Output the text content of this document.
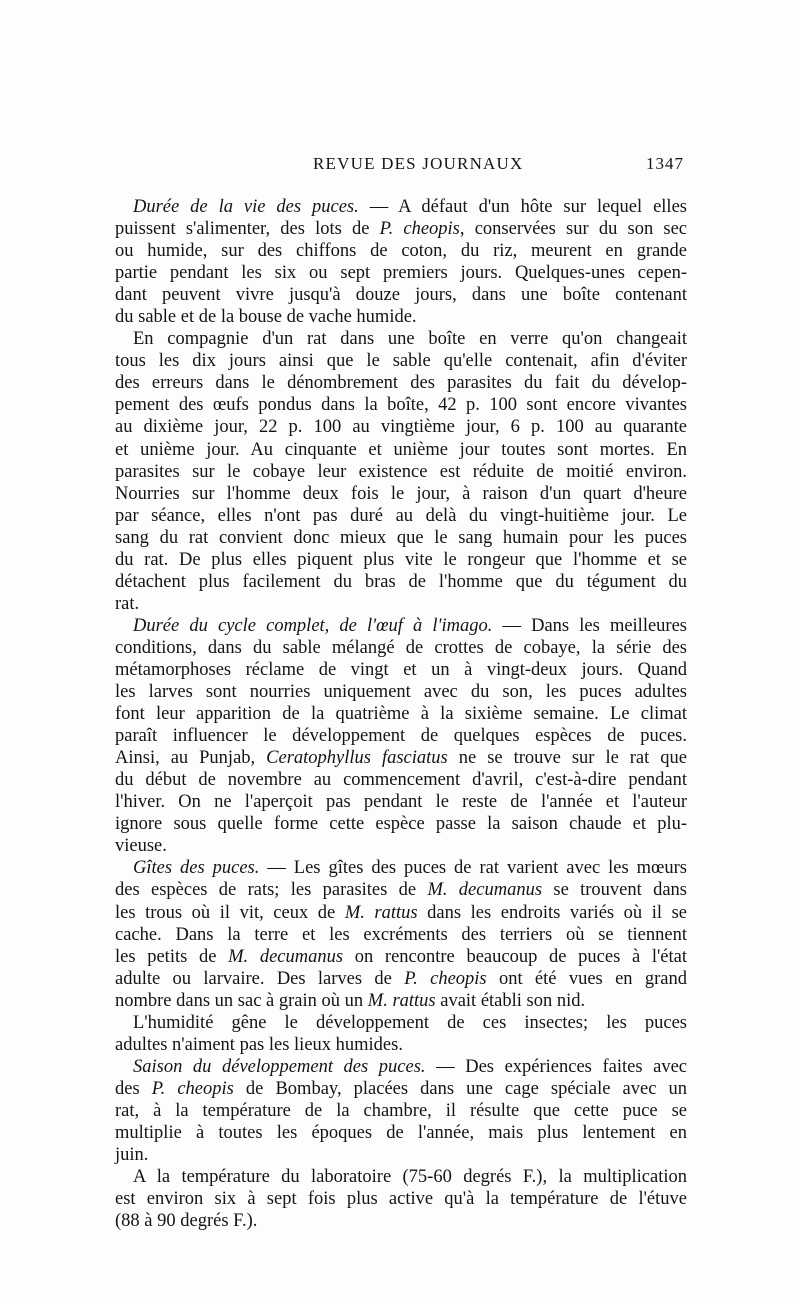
REVUE DES JOURNAUX	1347
Durée de la vie des puces. — A défaut d'un hôte sur lequel elles
puissent s'alimenter, des lots de P. cheopis, conservées sur du son sec
ou humide, sur des chiffons de coton, du riz, meurent en grande
partie pendant les six ou sept premiers jours. Quelques-unes cepen-
dant peuvent vivre jusqu'à douze jours, dans une boîte contenant
du sable et de la bouse de vache humide.
En compagnie d'un rat dans une boîte en verre qu'on changeait
tous les dix jours ainsi que le sable qu'elle contenait, afin d'éviter
des erreurs dans le dénombrement des parasites du fait du dévelop-
pement des œufs pondus dans la boîte, 42 p. 100 sont encore vivantes
au dixième jour, 22 p. 100 au vingtième jour, 6 p. 100 au quarante
et unième jour. Au cinquante et unième jour toutes sont mortes. En
parasites sur le cobaye leur existence est réduite de moitié environ.
Nourries sur l'homme deux fois le jour, à raison d'un quart d'heure
par séance, elles n'ont pas duré au delà du vingt-huitième jour. Le
sang du rat convient donc mieux que le sang humain pour les puces
du rat. De plus elles piquent plus vite le rongeur que l'homme et se
détachent plus facilement du bras de l'homme que du tégument du
rat.
Durée du cycle complet, de l'œuf à l'imago. — Dans les meilleures
conditions, dans du sable mélangé de crottes de cobaye, la série des
métamorphoses réclame de vingt et un à vingt-deux jours. Quand
les larves sont nourries uniquement avec du son, les puces adultes
font leur apparition de la quatrième à la sixième semaine. Le climat
paraît influencer le développement de quelques espèces de puces.
Ainsi, au Punjab, Ceratophyllus fasciatus ne se trouve sur le rat que
du début de novembre au commencement d'avril, c'est-à-dire pendant
l'hiver. On ne l'aperçoit pas pendant le reste de l'année et l'auteur
ignore sous quelle forme cette espèce passe la saison chaude et plu-
vieuse.
Gîtes des puces. — Les gîtes des puces de rat varient avec les mœurs
des espèces de rats; les parasites de M. decumanus se trouvent dans
les trous où il vit, ceux de M. rattus dans les endroits variés où il se
cache. Dans la terre et les excréments des terriers où se tiennent
les petits de M. decumanus on rencontre beaucoup de puces à l'état
adulte ou larvaire. Des larves de P. cheopis ont été vues en grand
nombre dans un sac à grain où un M. rattus avait établi son nid.
L'humidité gêne le développement de ces insectes; les puces
adultes n'aiment pas les lieux humides.
Saison du développement des puces. — Des expériences faites avec
des P. cheopis de Bombay, placées dans une cage spéciale avec un
rat, à la température de la chambre, il résulte que cette puce se
multiplie à toutes les époques de l'année, mais plus lentement en
juin.
A la température du laboratoire (75-60 degrés F.), la multiplication
est environ six à sept fois plus active qu'à la température de l'étuve
(88 à 90 degrés F.).
